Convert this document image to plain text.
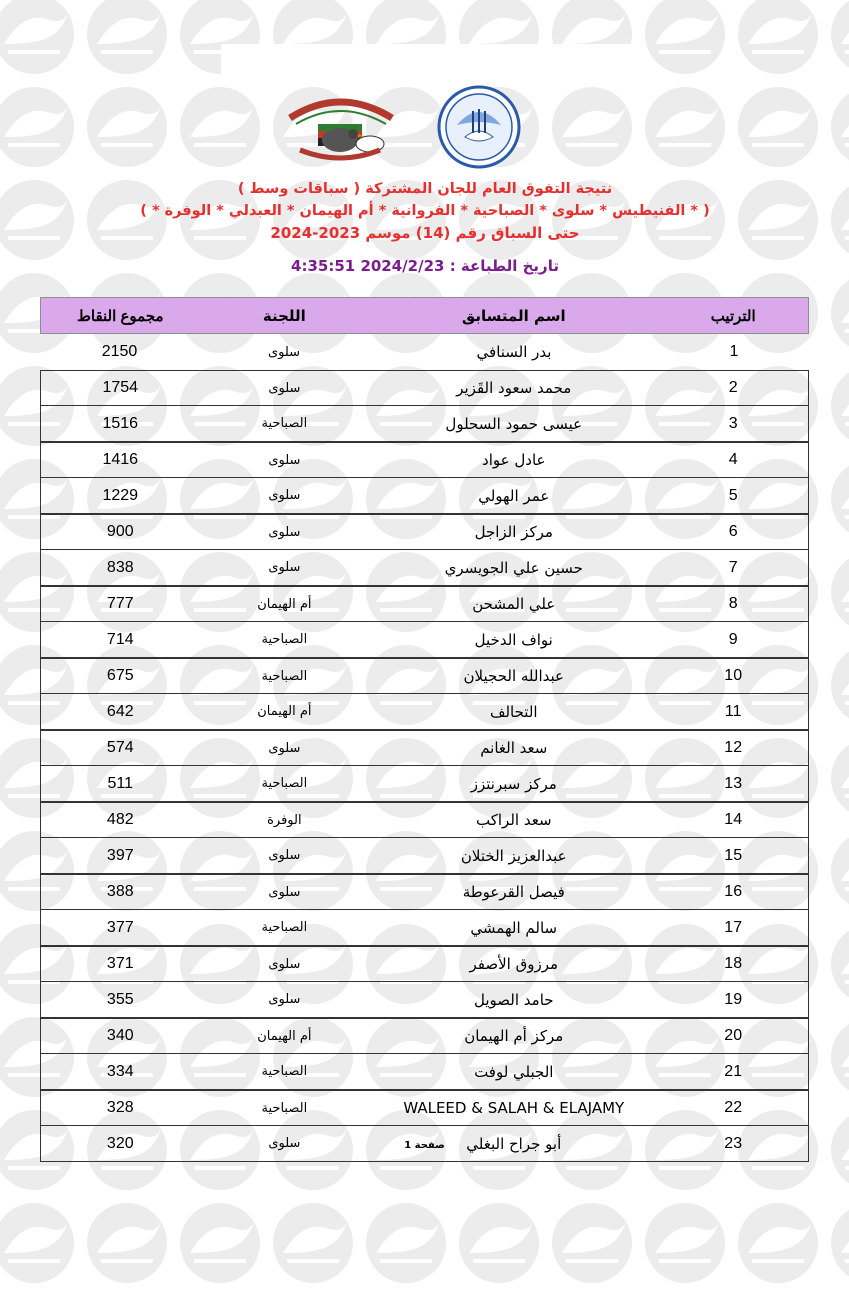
نتيجة التفوق العام للجان المشتركة ( سباقات وسط )
( * الفنيطيس * سلوى * الصباحية * الفروانية * أم الهيمان * العبدلي * الوفرة * )
حتى السباق رقم (14) موسم 2023-2024
تاريخ الطباعة : 2024/2/23 4:35:51
الترتيب
اسم المتسابق
اللجنة
مجموع النقاط
1
بدر السنافي
سلوى
2150
2
محمد سعود القَزير
سلوى
1754
3
عيسى حمود السحلول
الصباحية
1516
4
عادل عواد
سلوى
1416
5
عمر الهولي
سلوى
1229
6
مركز الزاجل
سلوى
900
7
حسين علي الجويسري
سلوى
838
8
علي المشحن
أم الهيمان
777
9
نواف الدخيل
الصباحية
714
10
عبدالله الحجيلان
الصباحية
675
11
التحالف
أم الهيمان
642
12
سعد الغانم
سلوى
574
13
مركز سبرنتزز
الصباحية
511
14
سعد الراكب
الوفرة
482
15
عبدالعزيز الختلان
سلوى
397
16
فيصل القرعوطة
سلوى
388
17
سالم الهمشي
الصباحية
377
18
مرزوق الأصفر
سلوى
371
19
حامد الصويل
سلوى
355
20
مركز أم الهيمان
أم الهيمان
340
21
الجبلي لوفت
الصباحية
334
22
WALEED & SALAH & ELAJAMY
الصباحية
328
23
أبو جراح البغلي
سلوى
320	صفحة 1
